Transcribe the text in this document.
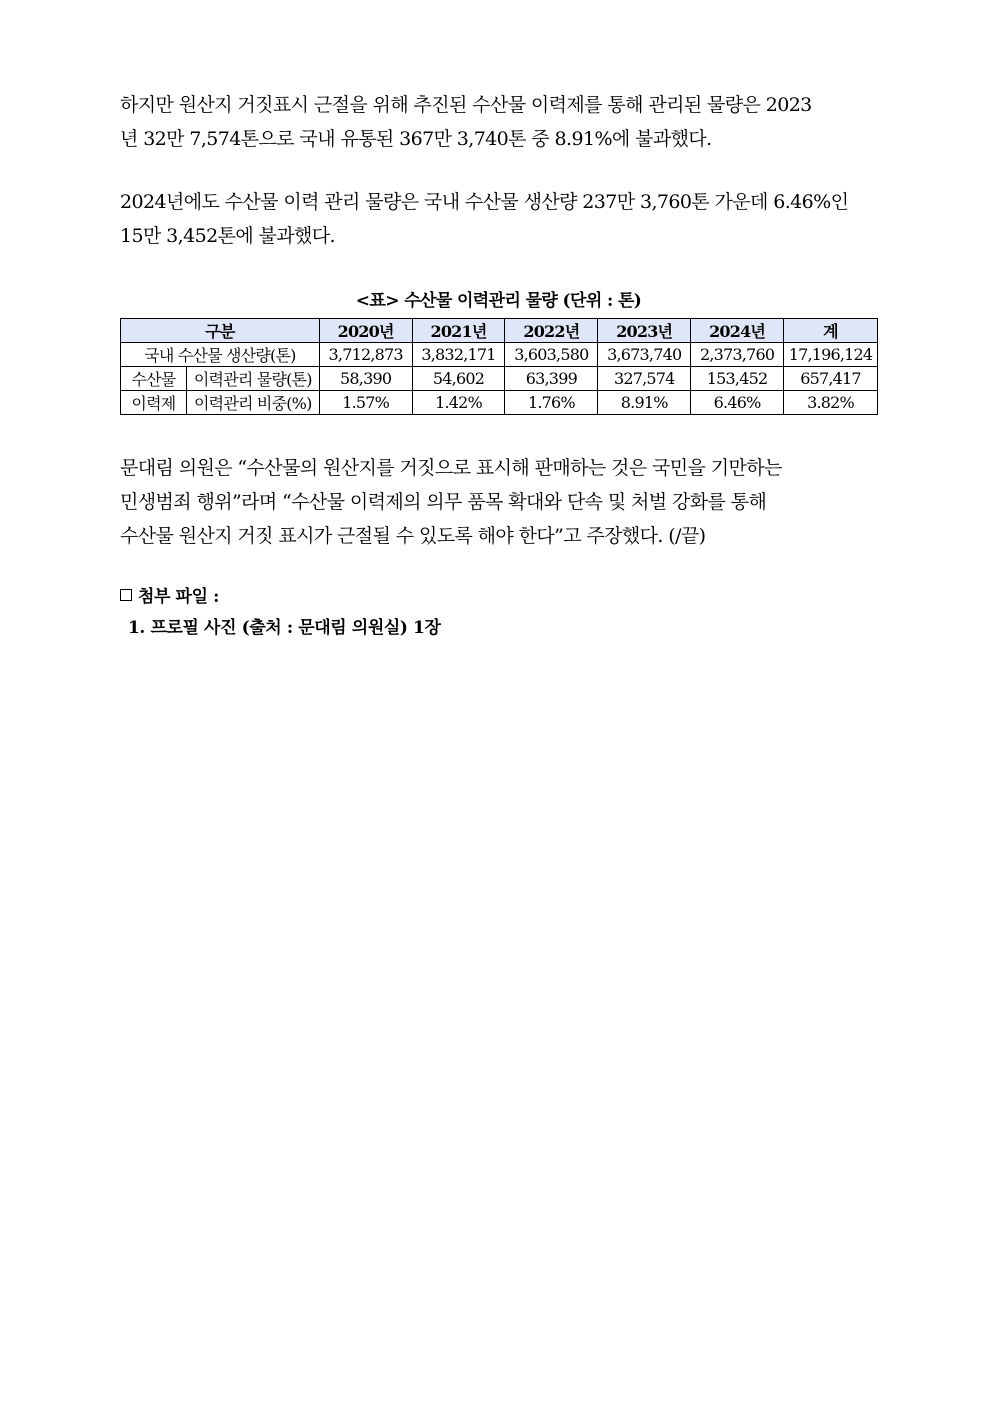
하지만 원산지 거짓표시 근절을 위해 추진된 수산물 이력제를 통해 관리된 물량은 2023
년 32만 7,574톤으로 국내 유통된 367만 3,740톤 중 8.91%에 불과했다.

2024년에도 수산물 이력 관리 물량은 국내 수산물 생산량 237만 3,760톤 가운데 6.46%인
15만 3,452톤에 불과했다.

<표> 수산물 이력관리 물량 (단위 : 톤)
구분		2020년	2021년	2022년	2023년	2024년	계
국내 수산물 생산량(톤)		3,712,873	3,832,171	3,603,580	3,673,740	2,373,760	17,196,124
수산물	이력관리 물량(톤)	58,390	54,602	63,399	327,574	153,452	657,417
이력제	이력관리 비중(%)	1.57%	1.42%	1.76%	8.91%	6.46%	3.82%

문대림 의원은 “수산물의 원산지를 거짓으로 표시해 판매하는 것은 국민을 기만하는
민생범죄 행위”라며 “수산물 이력제의 의무 품목 확대와 단속 및 처벌 강화를 통해
수산물 원산지 거짓 표시가 근절될 수 있도록 해야 한다”고 주장했다. (/끝)

첨부 파일 :
1. 프로필 사진 (출처 : 문대림 의원실) 1장
